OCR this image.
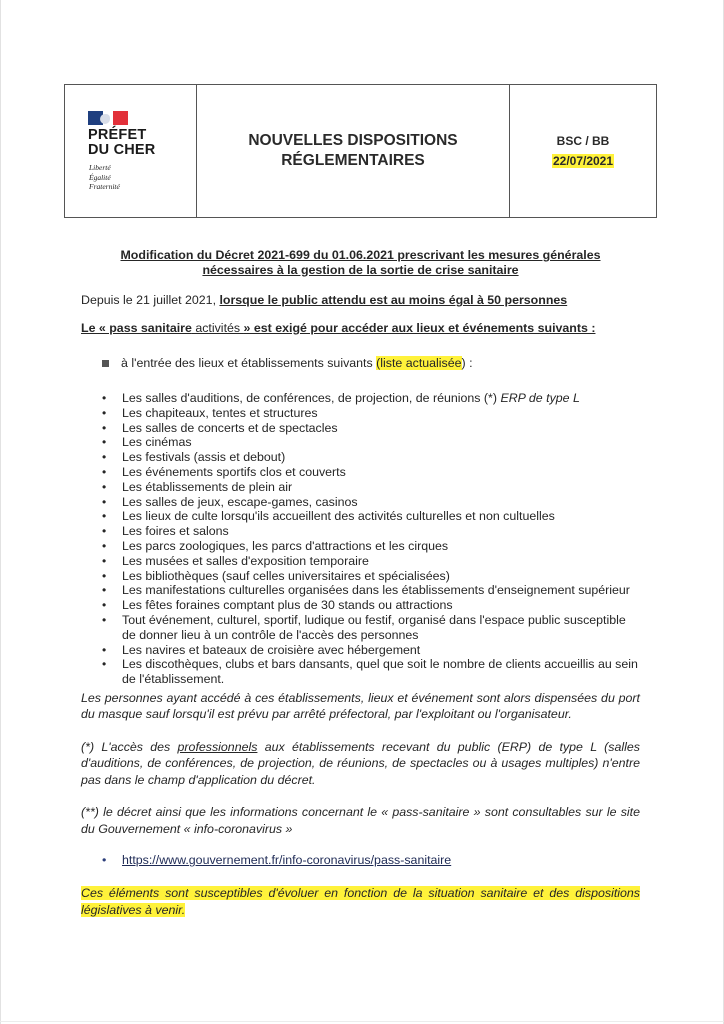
PRÉFET
DU CHER
Liberté
Égalité
Fraternité
NOUVELLES DISPOSITIONS
RÉGLEMENTAIRES
BSC / BB
22/07/2021
Modification du Décret 2021-699 du 01.06.2021 prescrivant les mesures générales nécessaires à la gestion de la sortie de crise sanitaire
Depuis le 21 juillet 2021, lorsque le public attendu est au moins égal à 50 personnes
Le « pass sanitaire activités » est exigé pour accéder aux lieux et événements suivants :
à l'entrée des lieux et établissements suivants (liste actualisée) :
• Les salles d'auditions, de conférences, de projection, de réunions (*) ERP de type L
• Les chapiteaux, tentes et structures
• Les salles de concerts et de spectacles
• Les cinémas
• Les festivals (assis et debout)
• Les événements sportifs clos et couverts
• Les établissements de plein air
• Les salles de jeux, escape-games, casinos
• Les lieux de culte lorsqu'ils accueillent des activités culturelles et non cultuelles
• Les foires et salons
• Les parcs zoologiques, les parcs d'attractions et les cirques
• Les musées et salles d'exposition temporaire
• Les bibliothèques (sauf celles universitaires et spécialisées)
• Les manifestations culturelles organisées dans les établissements d'enseignement supérieur
• Les fêtes foraines comptant plus de 30 stands ou attractions
• Tout événement, culturel, sportif, ludique ou festif, organisé dans l'espace public susceptible de donner lieu à un contrôle de l'accès des personnes
• Les navires et bateaux de croisière avec hébergement
• Les discothèques, clubs et bars dansants, quel que soit le nombre de clients accueillis au sein de l'établissement.
Les personnes ayant accédé à ces établissements, lieux et événement sont alors dispensées du port du masque sauf lorsqu'il est prévu par arrêté préfectoral, par l'exploitant ou l'organisateur.
(*) L'accès des professionnels aux établissements recevant du public (ERP) de type L (salles d'auditions, de conférences, de projection, de réunions, de spectacles ou à usages multiples) n'entre pas dans le champ d'application du décret.
(**) le décret ainsi que les informations concernant le « pass-sanitaire » sont consultables sur le site du Gouvernement « info-coronavirus »
• https://www.gouvernement.fr/info-coronavirus/pass-sanitaire
Ces éléments sont susceptibles d'évoluer en fonction de la situation sanitaire et des dispositions législatives à venir.
